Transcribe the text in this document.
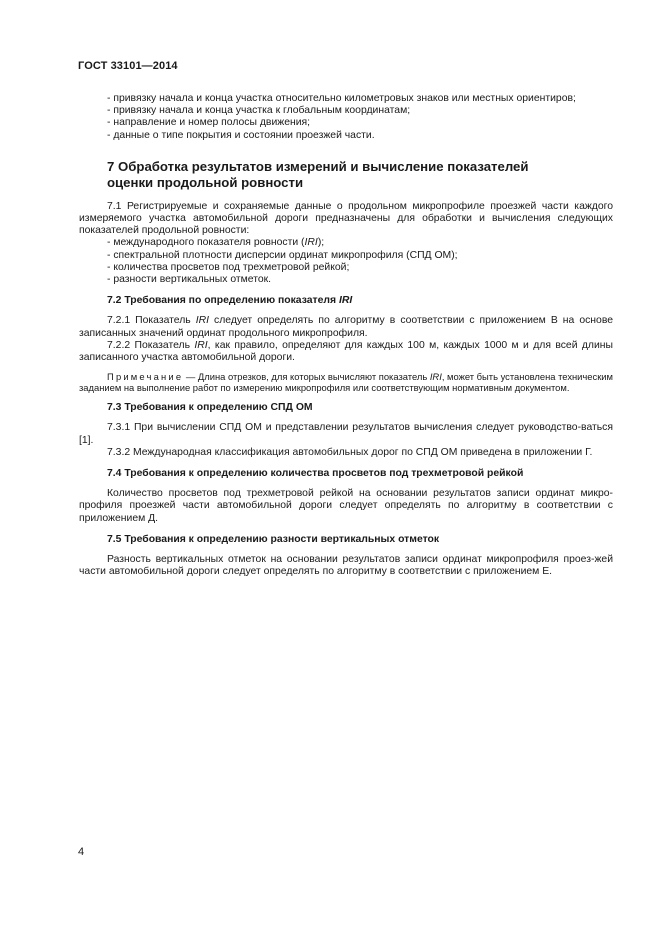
ГОСТ 33101—2014

- привязку начала и конца участка относительно километровых знаков или местных ориентиров;

- привязку начала и конца участка к глобальным координатам;

- направление и номер полосы движения;

- данные о типе покрытия и состоянии проезжей части.

7 Обработка результатов измерений и вычисление показателей
оценки продольной ровности

7.1 Регистрируемые и сохраняемые данные о продольном микропрофиле проезжей части каждого измеряемого участка автомобильной дороги предназначены для обработки и вычисления следующих показателей продольной ровности:

- международного показателя ровности (IRI);

- спектральной плотности дисперсии ординат микропрофиля (СПД ОМ);

- количества просветов под трехметровой рейкой;

- разности вертикальных отметок.

7.2 Требования по определению показателя IRI

7.2.1 Показатель IRI следует определять по алгоритму в соответствии с приложением В на основе записанных значений ординат продольного микропрофиля.

7.2.2 Показатель IRI, как правило, определяют для каждых 100 м, каждых 1000 м и для всей длины записанного участка автомобильной дороги.

Примечание — Длина отрезков, для которых вычисляют показатель IRI, может быть установлена техническим заданием на выполнение работ по измерению микропрофиля или соответствующим нормативным документом.

7.3 Требования к определению СПД ОМ

7.3.1 При вычислении СПД ОМ и представлении результатов вычисления следует руководство-ваться [1].

7.3.2 Международная классификация автомобильных дорог по СПД ОМ приведена в приложении Г.

7.4 Требования к определению количества просветов под трехметровой рейкой

Количество просветов под трехметровой рейкой на основании результатов записи ординат микро-профиля проезжей части автомобильной дороги следует определять по алгоритму в соответствии с приложением Д.

7.5 Требования к определению разности вертикальных отметок

Разность вертикальных отметок на основании результатов записи ординат микропрофиля проез-жей части автомобильной дороги следует определять по алгоритму в соответствии с приложением Е.

4
